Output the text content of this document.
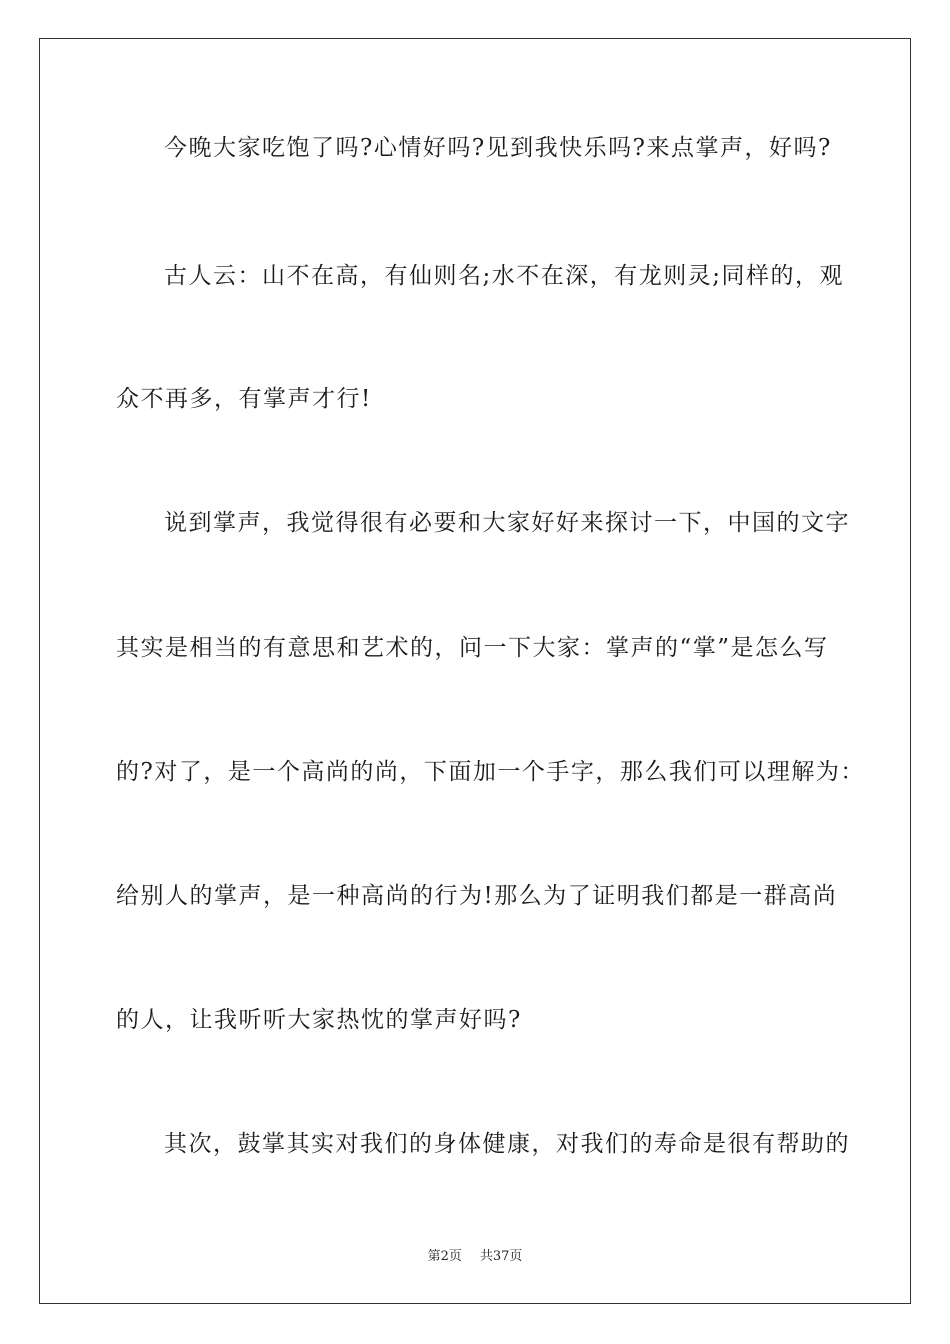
今晚大家吃饱了吗?心情好吗?见到我快乐吗?来点掌声，好吗?
古人云：山不在高，有仙则名;水不在深，有龙则灵;同样的，观
众不再多，有掌声才行!
说到掌声，我觉得很有必要和大家好好来探讨一下，中国的文字
其实是相当的有意思和艺术的，问一下大家：掌声的“掌”是怎么写
的?对了，是一个高尚的尚，下面加一个手字，那么我们可以理解为：
给别人的掌声，是一种高尚的行为!那么为了证明我们都是一群高尚
的人，让我听听大家热忱的掌声好吗?
其次，鼓掌其实对我们的身体健康，对我们的寿命是很有帮助的
第2页 共37页
